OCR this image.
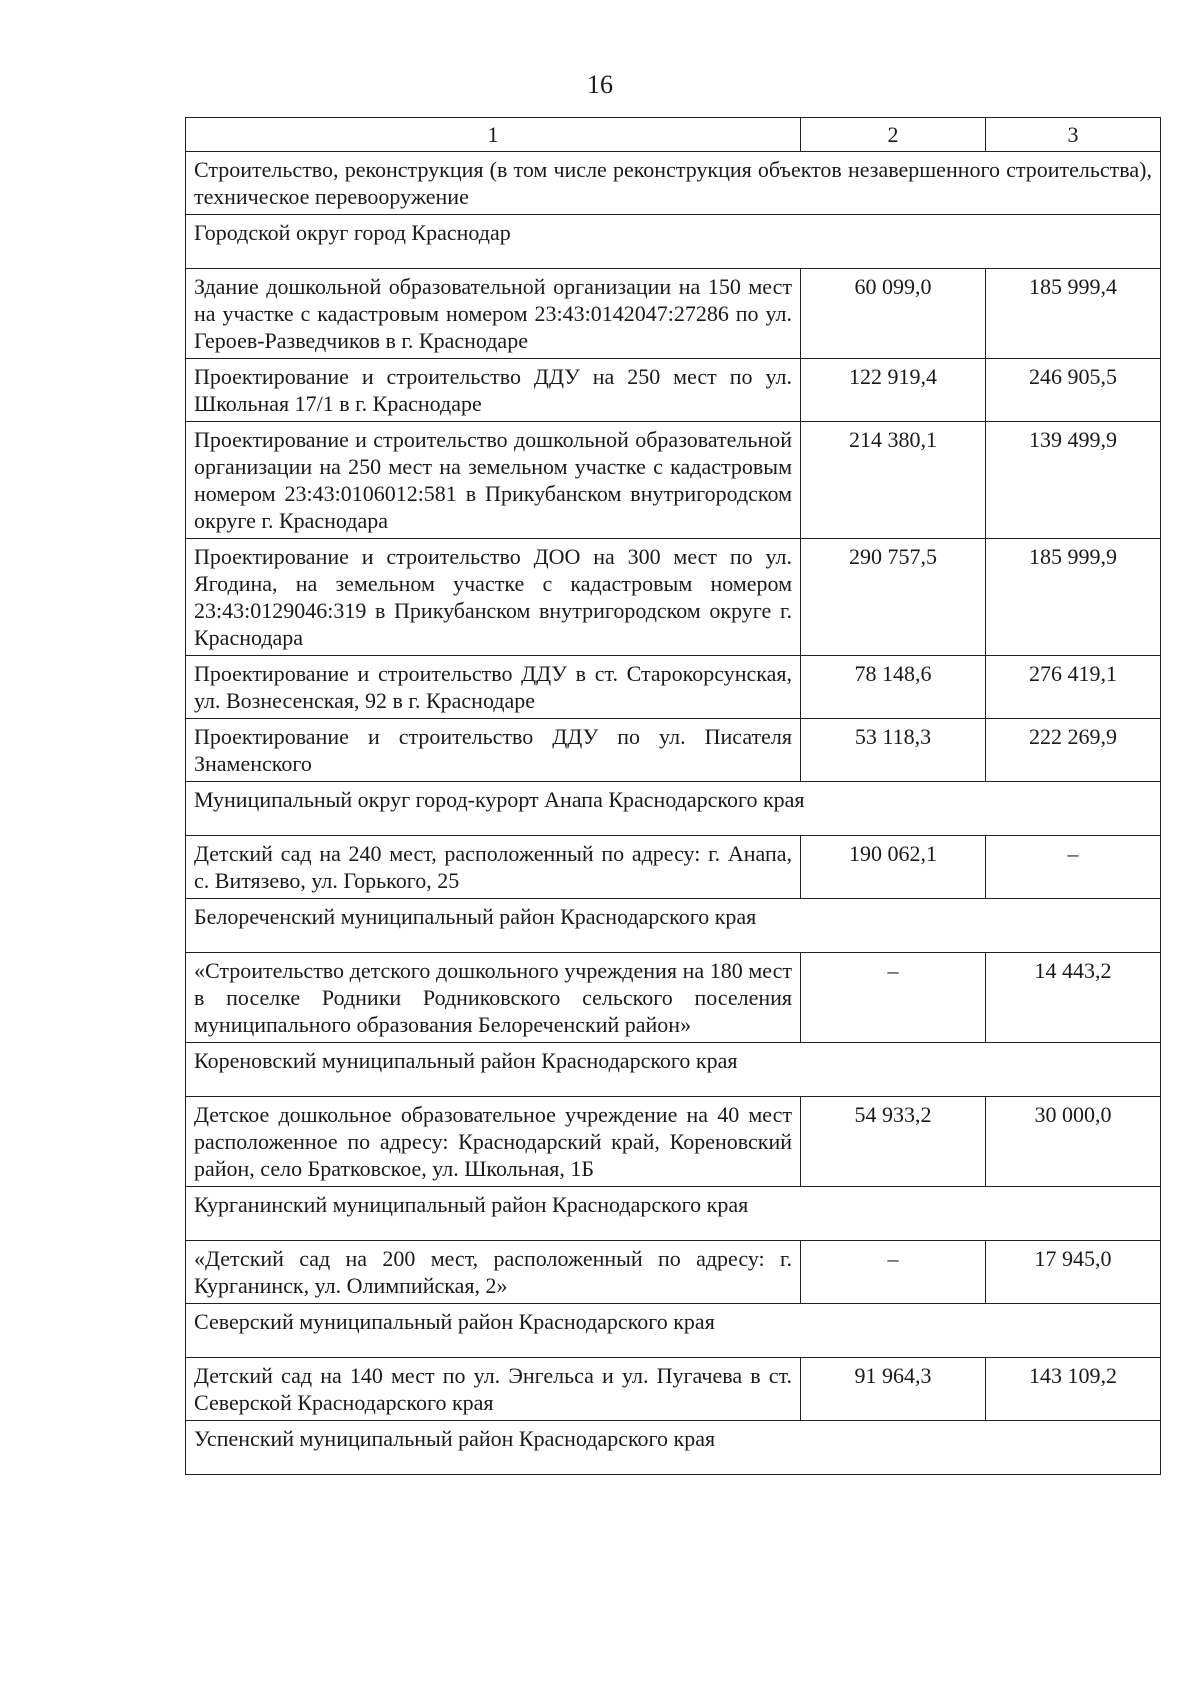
16
1	2	3
Строительство, реконструкция (в том числе реконструкция объектов незавершенного строительства), техническое перевооружение		
Городской округ город Краснодар		
Здание дошкольной образовательной организации на 150 мест на участке с кадастровым номером 23:43:0142047:27286 по ул. Героев-Разведчиков в г. Краснодаре	60 099,0	185 999,4
Проектирование и строительство ДДУ на 250 мест по ул. Школьная 17/1 в г. Краснодаре	122 919,4	246 905,5
Проектирование и строительство дошкольной образовательной организации на 250 мест на земельном участке с кадастровым номером 23:43:0106012:581 в Прикубанском внутригородском округе г. Краснодара	214 380,1	139 499,9
Проектирование и строительство ДОО на 300 мест по ул. Ягодина, на земельном участке с кадастровым номером 23:43:0129046:319 в Прикубанском внутригородском округе г. Краснодара	290 757,5	185 999,9
Проектирование и строительство ДДУ в ст. Старокорсунская, ул. Вознесенская, 92 в г. Краснодаре	78 148,6	276 419,1
Проектирование и строительство ДДУ по ул. Писателя Знаменского	53 118,3	222 269,9
Муниципальный округ город-курорт Анапа Краснодарского края		
Детский сад на 240 мест, расположенный по адресу: г. Анапа, с. Витязево, ул. Горького, 25	190 062,1	–
Белореченский муниципальный район Краснодарского края		
«Строительство детского дошкольного учреждения на 180 мест в поселке Родники Родниковского сельского поселения муниципального образования Белореченский район»	–	14 443,2
Кореновский муниципальный район Краснодарского края		
Детское дошкольное образовательное учреждение на 40 мест расположенное по адресу: Краснодарский край, Кореновский район, село Братковское, ул. Школьная, 1Б	54 933,2	30 000,0
Курганинский муниципальный район Краснодарского края		
«Детский сад на 200 мест, расположенный по адресу: г. Курганинск, ул. Олимпийская, 2»	–	17 945,0
Северский муниципальный район Краснодарского края		
Детский сад на 140 мест по ул. Энгельса и ул. Пугачева в ст. Северской Краснодарского края	91 964,3	143 109,2
Успенский муниципальный район Краснодарского края		
